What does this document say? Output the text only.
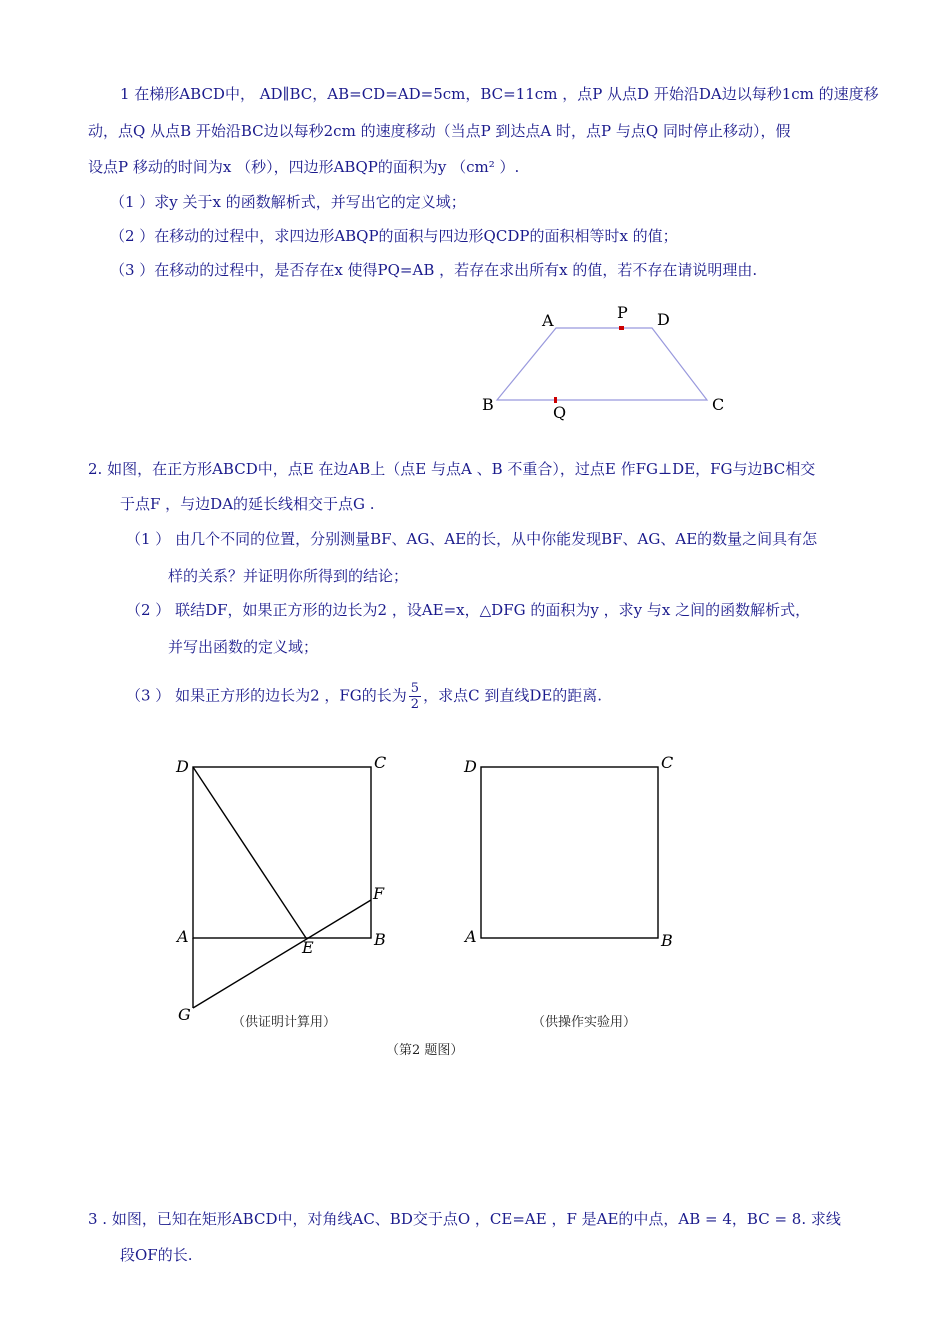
1 在梯形ABCD中， AD∥BC，AB=CD=AD=5cm，BC=11cm ，点P 从点D 开始沿DA边以每秒1cm 的速度移
动，点Q 从点B 开始沿BC边以每秒2cm 的速度移动（当点P 到达点A 时，点P 与点Q 同时停止移动），假
设点P 移动的时间为x （秒），四边形ABQP的面积为y （cm² ）.
（1 ）求y 关于x 的函数解析式，并写出它的定义域；
（2 ）在移动的过程中，求四边形ABQP的面积与四边形QCDP的面积相等时x 的值；
（3 ）在移动的过程中，是否存在x 使得PQ=AB ，若存在求出所有x 的值，若不存在请说明理由.
A	P D
B	Q	C
2. 如图，在正方形ABCD中，点E 在边AB上（点E 与点A 、B 不重合），过点E 作FG⊥DE，FG与边BC相交
于点F ，与边DA的延长线相交于点G .
（1 ） 由几个不同的位置，分别测量BF、AG、AE的长，从中你能发现BF、AG、AE的数量之间具有怎
样的关系？并证明你所得到的结论；
（2 ） 联结DF，如果正方形的边长为2 ，设AE=x，△DFG 的面积为y ，求y 与x 之间的函数解析式，
并写出函数的定义域；
（3 ） 如果正方形的边长为2 ，FG的长为 $\frac{5}{2}$ ，求点C 到直线DE的距离.
D	C
F
A
E	B
G	（供证明计算用）
D	C
A	B
（供操作实验用）
（第2 题图）
3 . 如图，已知在矩形ABCD中，对角线AC、BD交于点O ，CE=AE ，F 是AE的中点，AB = 4，BC = 8. 求线
段OF的长.
